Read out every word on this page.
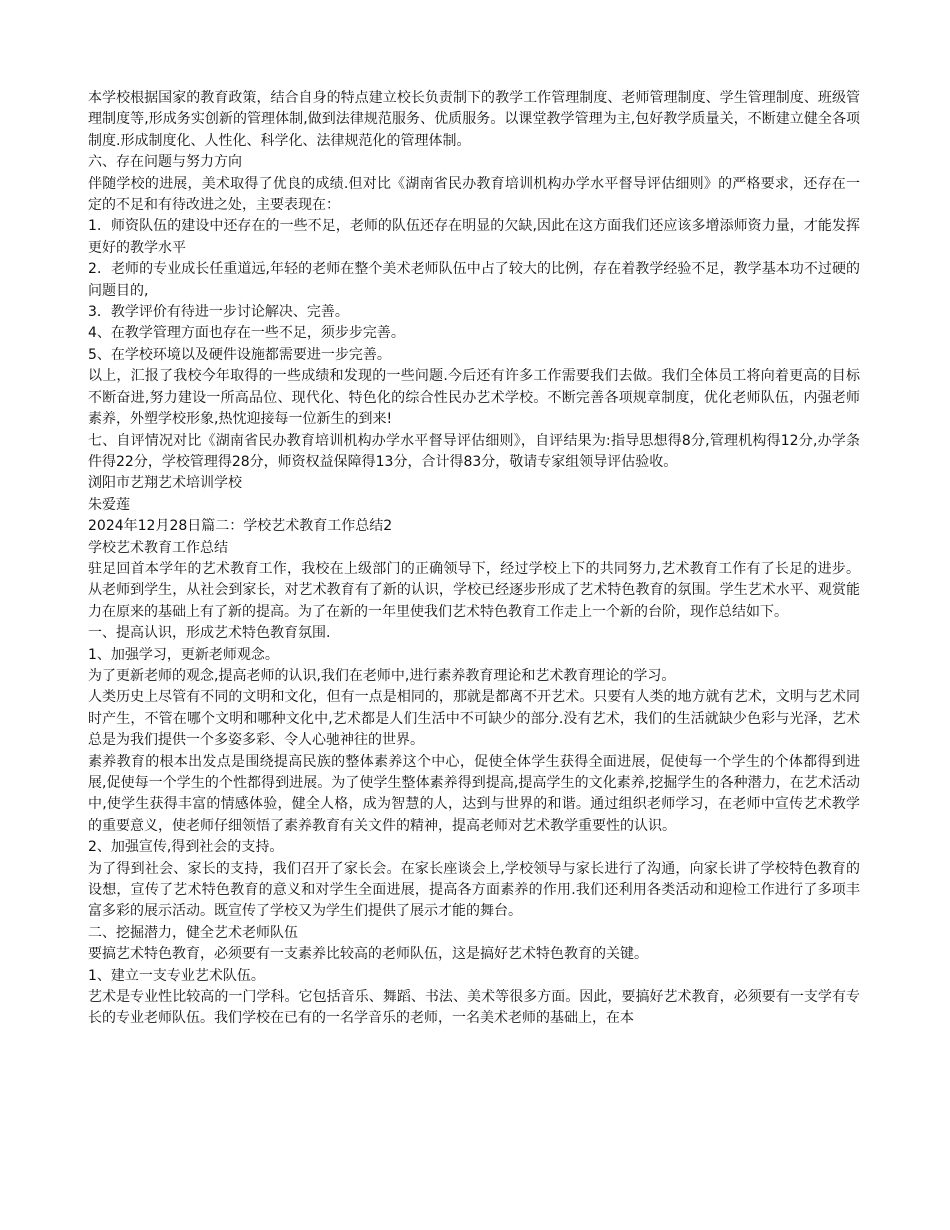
本学校根据国家的教育政策，结合自身的特点建立校长负责制下的教学工作管理制度、老师管理制度、学生管理制度、班级管理制度等,形成务实创新的管理体制,做到法律规范服务、优质服务。以课堂教学管理为主,包好教学质量关，不断建立健全各项制度.形成制度化、人性化、科学化、法律规范化的管理体制。

六、存在问题与努力方向

伴随学校的进展，美术取得了优良的成绩.但对比《湖南省民办教育培训机构办学水平督导评估细则》的严格要求，还存在一定的不足和有待改进之处，主要表现在：

1．师资队伍的建设中还存在的一些不足，老师的队伍还存在明显的欠缺,因此在这方面我们还应该多增添师资力量，才能发挥更好的教学水平

2．老师的专业成长任重道远,年轻的老师在整个美术老师队伍中占了较大的比例，存在着教学经验不足，教学基本功不过硬的问题目的,

3．教学评价有待进一步讨论解决、完善。

4、在教学管理方面也存在一些不足，须步步完善。

5、在学校环境以及硬件设施都需要进一步完善。

以上，汇报了我校今年取得的一些成绩和发现的一些问题.今后还有许多工作需要我们去做。我们全体员工将向着更高的目标不断奋进,努力建设一所高品位、现代化、特色化的综合性民办艺术学校。不断完善各项规章制度，优化老师队伍，内强老师素养，外塑学校形象,热忱迎接每一位新生的到来!

七、自评情况对比《湖南省民办教育培训机构办学水平督导评估细则》，自评结果为:指导思想得8分,管理机构得12分,办学条件得22分，学校管理得28分，师资权益保障得13分，合计得83分，敬请专家组领导评估验收。

浏阳市艺翔艺术培训学校

朱爱莲

2024年12月28日篇二：学校艺术教育工作总结2

学校艺术教育工作总结

驻足回首本学年的艺术教育工作，我校在上级部门的正确领导下，经过学校上下的共同努力,艺术教育工作有了长足的进步。从老师到学生，从社会到家长，对艺术教育有了新的认识，学校已经逐步形成了艺术特色教育的氛围。学生艺术水平、观赏能力在原来的基础上有了新的提高。为了在新的一年里使我们艺术特色教育工作走上一个新的台阶，现作总结如下。

一、提高认识，形成艺术特色教育氛围.

1、加强学习，更新老师观念。

为了更新老师的观念,提高老师的认识,我们在老师中,进行素养教育理论和艺术教育理论的学习。

人类历史上尽管有不同的文明和文化，但有一点是相同的，那就是都离不开艺术。只要有人类的地方就有艺术，文明与艺术同时产生，不管在哪个文明和哪种文化中,艺术都是人们生活中不可缺少的部分.没有艺术，我们的生活就缺少色彩与光泽，艺术总是为我们提供一个多姿多彩、令人心驰神往的世界。

素养教育的根本出发点是围绕提高民族的整体素养这个中心，促使全体学生获得全面进展，促使每一个学生的个体都得到进展,促使每一个学生的个性都得到进展。为了使学生整体素养得到提高,提高学生的文化素养,挖掘学生的各种潜力，在艺术活动中,使学生获得丰富的情感体验，健全人格，成为智慧的人，达到与世界的和谐。通过组织老师学习，在老师中宣传艺术教学的重要意义，使老师仔细领悟了素养教育有关文件的精神，提高老师对艺术教学重要性的认识。

2、加强宣传,得到社会的支持。

为了得到社会、家长的支持，我们召开了家长会。在家长座谈会上,学校领导与家长进行了沟通，向家长讲了学校特色教育的设想，宣传了艺术特色教育的意义和对学生全面进展，提高各方面素养的作用.我们还利用各类活动和迎检工作进行了多项丰富多彩的展示活动。既宣传了学校又为学生们提供了展示才能的舞台。

二、挖掘潜力，健全艺术老师队伍

要搞艺术特色教育，必须要有一支素养比较高的老师队伍，这是搞好艺术特色教育的关键。

1、建立一支专业艺术队伍。

艺术是专业性比较高的一门学科。它包括音乐、舞蹈、书法、美术等很多方面。因此，要搞好艺术教育，必须要有一支学有专长的专业老师队伍。我们学校在已有的一名学音乐的老师，一名美术老师的基础上，在本
